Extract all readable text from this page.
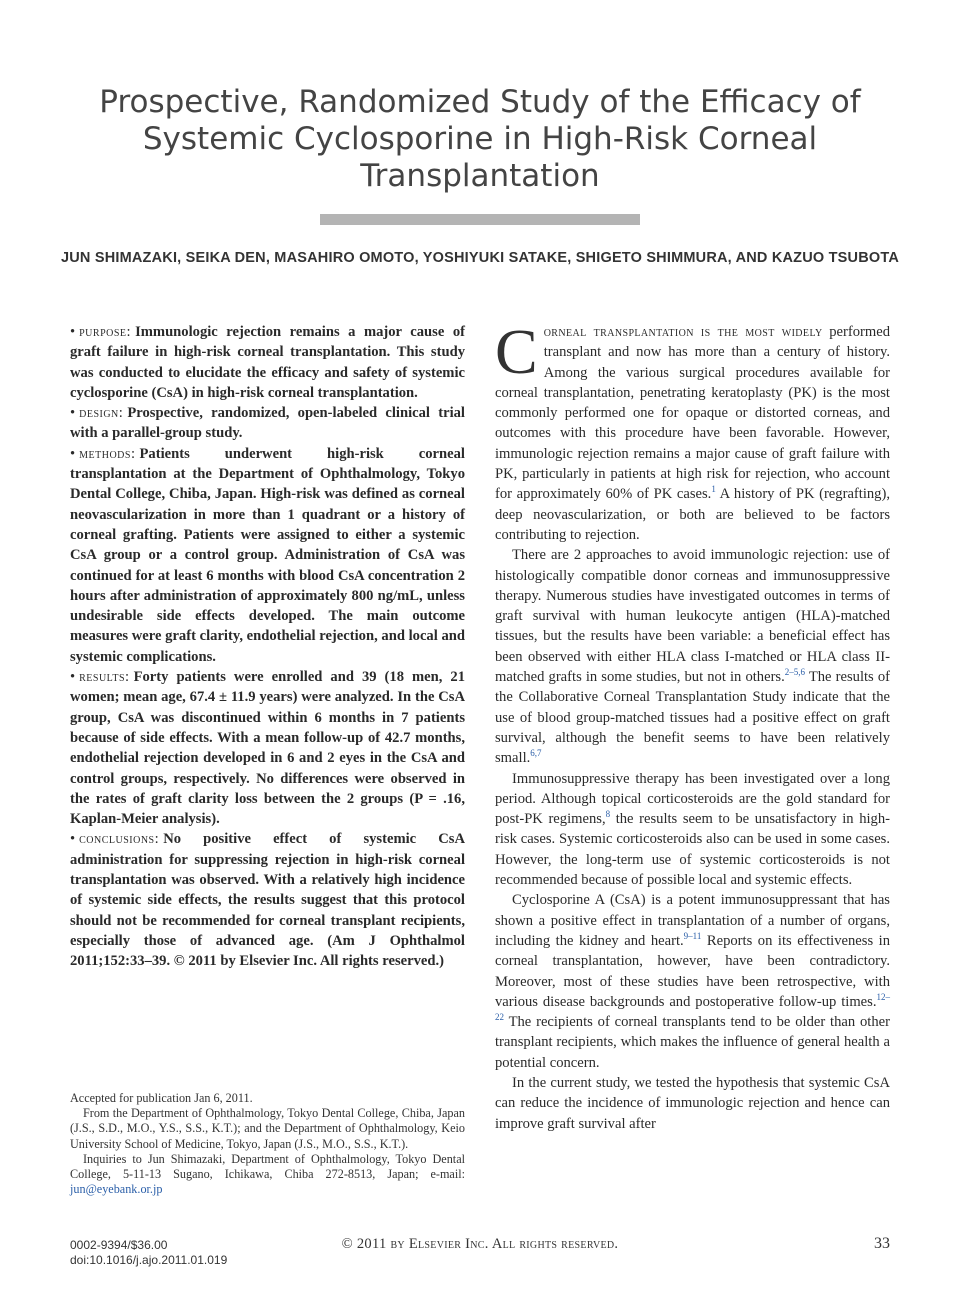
Prospective, Randomized Study of the Efficacy of Systemic Cyclosporine in High-Risk Corneal Transplantation

JUN SHIMAZAKI, SEIKA DEN, MASAHIRO OMOTO, YOSHIYUKI SATAKE, SHIGETO SHIMMURA, AND KAZUO TSUBOTA

• purpose: Immunologic rejection remains a major cause of graft failure in high-risk corneal transplantation. This study was conducted to elucidate the efficacy and safety of systemic cyclosporine (CsA) in high-risk corneal transplantation.

• design: Prospective, randomized, open-labeled clinical trial with a parallel-group study.

• methods: Patients underwent high-risk corneal transplantation at the Department of Ophthalmology, Tokyo Dental College, Chiba, Japan. High-risk was defined as corneal neovascularization in more than 1 quadrant or a history of corneal grafting. Patients were assigned to either a systemic CsA group or a control group. Administration of CsA was continued for at least 6 months with blood CsA concentration 2 hours after administration of approximately 800 ng/mL, unless undesirable side effects developed. The main outcome measures were graft clarity, endothelial rejection, and local and systemic complications.

• results: Forty patients were enrolled and 39 (18 men, 21 women; mean age, 67.4 ± 11.9 years) were analyzed. In the CsA group, CsA was discontinued within 6 months in 7 patients because of side effects. With a mean follow-up of 42.7 months, endothelial rejection developed in 6 and 2 eyes in the CsA and control groups, respectively. No differences were observed in the rates of graft clarity loss between the 2 groups (P = .16, Kaplan-Meier analysis).

• conclusions: No positive effect of systemic CsA administration for suppressing rejection in high-risk corneal transplantation was observed. With a relatively high incidence of systemic side effects, the results suggest that this protocol should not be recommended for corneal transplant recipients, especially those of advanced age. (Am J Ophthalmol 2011;152:33–39. © 2011 by Elsevier Inc. All rights reserved.)

Accepted for publication Jan 6, 2011.

From the Department of Ophthalmology, Tokyo Dental College, Chiba, Japan (J.S., S.D., M.O., Y.S., S.S., K.T.); and the Department of Ophthalmology, Keio University School of Medicine, Tokyo, Japan (J.S., M.O., S.S., K.T.).

Inquiries to Jun Shimazaki, Department of Ophthalmology, Tokyo Dental College, 5-11-13 Sugano, Ichikawa, Chiba 272-8513, Japan; e-mail: jun@eyebank.or.jp

Corneal transplantation is the most widely performed transplant and now has more than a century of history. Among the various surgical procedures available for corneal transplantation, penetrating keratoplasty (PK) is the most commonly performed one for opaque or distorted corneas, and outcomes with this procedure have been favorable. However, immunologic rejection remains a major cause of graft failure with PK, particularly in patients at high risk for rejection, who account for approximately 60% of PK cases.$^1$ A history of PK (regrafting), deep neovascularization, or both are believed to be factors contributing to rejection.

There are 2 approaches to avoid immunologic rejection: use of histologically compatible donor corneas and immunosuppressive therapy. Numerous studies have investigated outcomes in terms of graft survival with human leukocyte antigen (HLA)-matched tissues, but the results have been variable: a beneficial effect has been observed with either HLA class I-matched or HLA class II-matched grafts in some studies, but not in others.$^{2-5,6}$ The results of the Collaborative Corneal Transplantation Study indicate that the use of blood group-matched tissues had a positive effect on graft survival, although the benefit seems to have been relatively small.$^{6,7}$

Immunosuppressive therapy has been investigated over a long period. Although topical corticosteroids are the gold standard for post-PK regimens,$^8$ the results seem to be unsatisfactory in high-risk cases. Systemic corticosteroids also can be used in some cases. However, the long-term use of systemic corticosteroids is not recommended because of possible local and systemic effects.

Cyclosporine A (CsA) is a potent immunosuppressant that has shown a positive effect in transplantation of a number of organs, including the kidney and heart.$^{9-11}$ Reports on its effectiveness in corneal transplantation, however, have been contradictory. Moreover, most of these studies have been retrospective, with various disease backgrounds and postoperative follow-up times.$^{12-22}$ The recipients of corneal transplants tend to be older than other transplant recipients, which makes the influence of general health a potential concern.

In the current study, we tested the hypothesis that systemic CsA can reduce the incidence of immunologic rejection and hence can improve graft survival after

0002-9394/$36.00
doi:10.1016/j.ajo.2011.01.019
© 2011 by Elsevier Inc. All rights reserved.	33
